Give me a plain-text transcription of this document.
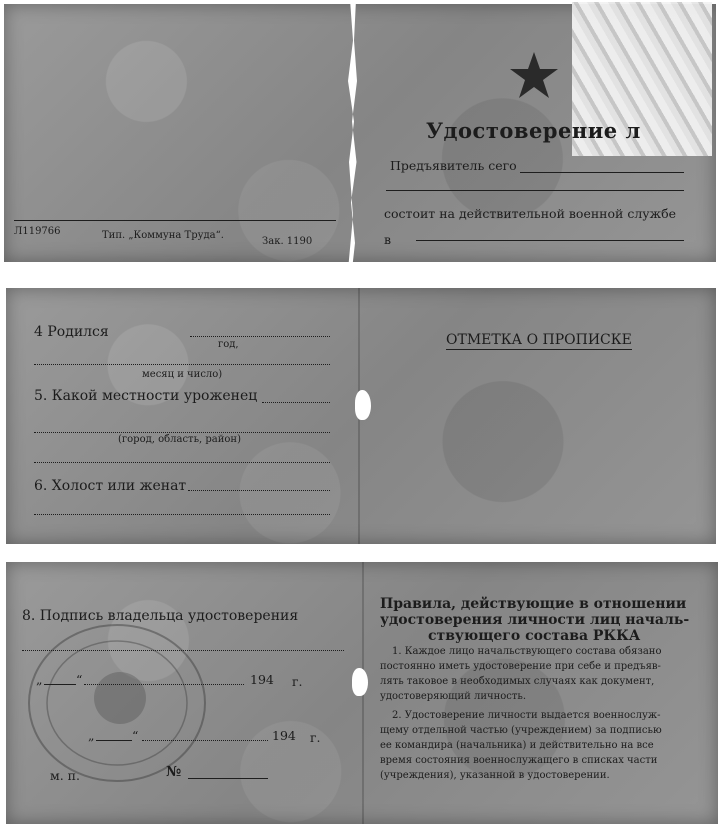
Л119766	Тип. „Коммуна Труда“.
Зак. 1190
Удостоверение л
Предъявитель сего
состоит на действительной военной службе
в
4 Родился
год,
месяц и число)
5. Какой местности уроженец
(город, область, район)
6. Холост или женат
ОТМЕТКА О ПРОПИСКЕ
8. Подпись владельца удостоверения
„	“	194 г.
„	“	194 г.
м. п.	№
Правила, действующие в отношении
удостоверения личности лиц началь-
ствующего состава РККА
1. Каждое лицо начальствующего состава обязано
постоянно иметь удостоверение при себе и предъяв-
лять таковое в необходимых случаях как документ,
удостоверяющий личность.
2. Удостоверение личности выдается военнослуж-
щему отдельной частью (учреждением) за подписью
ее командира (начальника) и действительно на все
время состояния военнослужащего в списках части
(учреждения), указанной в удостоверении.
